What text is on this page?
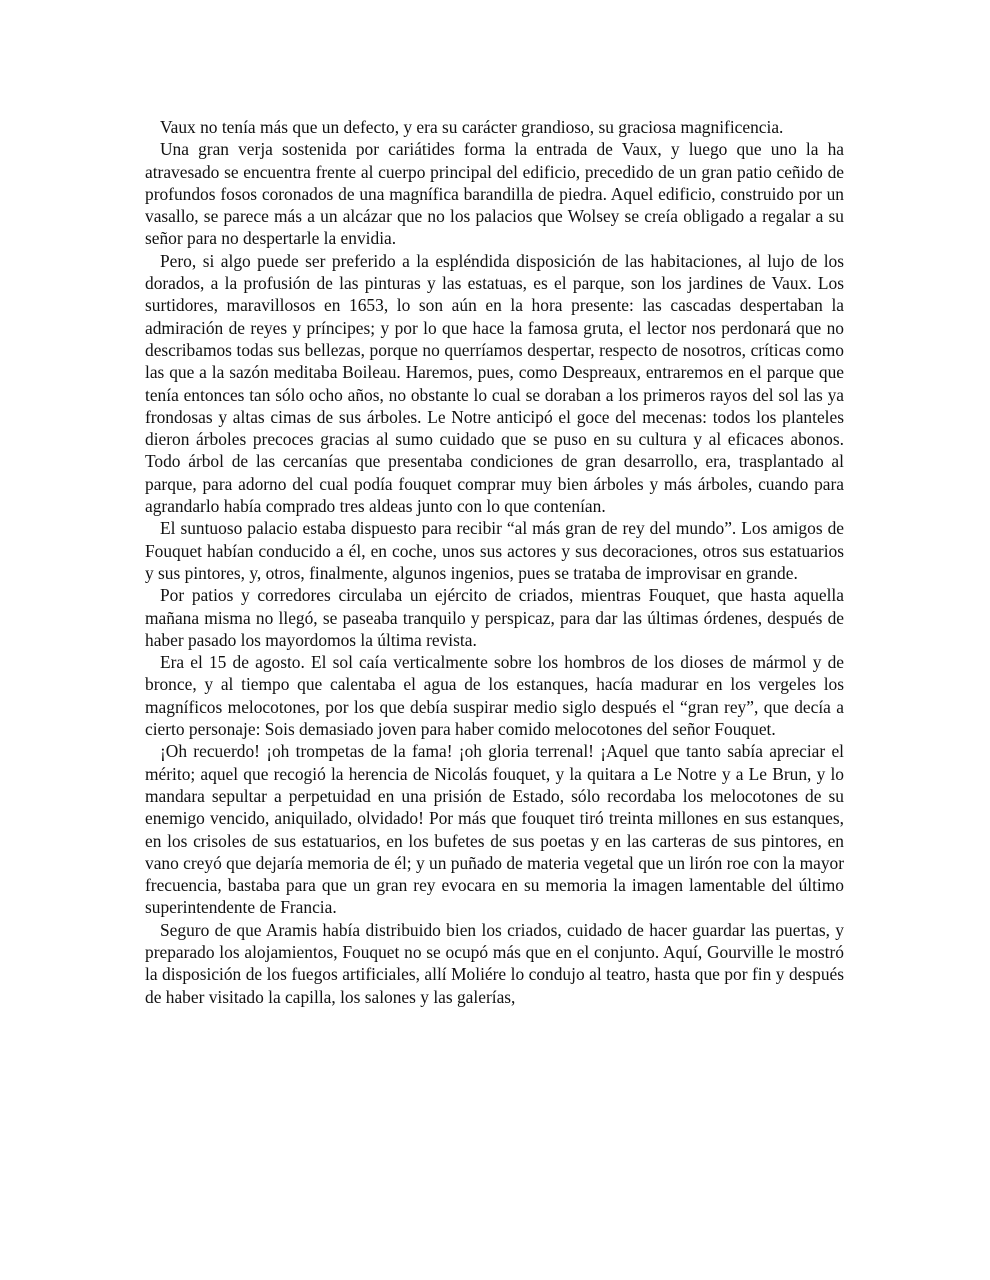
Vaux no tenía más que un defecto, y era su carácter grandioso, su graciosa magnificencia.

Una gran verja sostenida por cariátides forma la entrada de Vaux, y luego que uno la ha atravesado se encuentra frente al cuerpo principal del edificio, precedido de un gran patio ceñido de profundos fosos coronados de una magnífica barandilla de piedra. Aquel edificio, construido por un vasallo, se parece más a un alcázar que no los palacios que Wolsey se creía obligado a regalar a su señor para no despertarle la envidia.

Pero, si algo puede ser preferido a la espléndida disposición de las habitaciones, al lujo de los dorados, a la profusión de las pinturas y las estatuas, es el parque, son los jardines de Vaux. Los surtidores, maravillosos en 1653, lo son aún en la hora presente: las cascadas despertaban la admiración de reyes y príncipes; y por lo que hace la famosa gruta, el lector nos perdonará que no describamos todas sus bellezas, porque no querríamos despertar, respecto de nosotros, críticas como las que a la sazón meditaba Boileau. Haremos, pues, como Despreaux, entraremos en el parque que tenía entonces tan sólo ocho años, no obstante lo cual se doraban a los primeros rayos del sol las ya frondosas y altas cimas de sus árboles. Le Notre anticipó el goce del mecenas: todos los planteles dieron árboles precoces gracias al sumo cuidado que se puso en su cultura y al eficaces abonos. Todo árbol de las cercanías que presentaba condiciones de gran desarrollo, era, trasplantado al parque, para adorno del cual podía fouquet comprar muy bien árboles y más árboles, cuando para agrandarlo había comprado tres aldeas junto con lo que contenían.

El suntuoso palacio estaba dispuesto para recibir “al más gran de rey del mundo”. Los amigos de Fouquet habían conducido a él, en coche, unos sus actores y sus decoraciones, otros sus estatuarios y sus pintores, y, otros, finalmente, algunos ingenios, pues se trataba de improvisar en grande.

Por patios y corredores circulaba un ejército de criados, mientras Fouquet, que hasta aquella mañana misma no llegó, se paseaba tranquilo y perspicaz, para dar las últimas órdenes, después de haber pasado los mayordomos la última revista.

Era el 15 de agosto. El sol caía verticalmente sobre los hombros de los dioses de mármol y de bronce, y al tiempo que calentaba el agua de los estanques, hacía madurar en los vergeles los magníficos melocotones, por los que debía suspirar medio siglo después el “gran rey”, que decía a cierto personaje: Sois demasiado joven para haber comido melocotones del señor Fouquet.

¡Oh recuerdo! ¡oh trompetas de la fama! ¡oh gloria terrenal! ¡Aquel que tanto sabía apreciar el mérito; aquel que recogió la herencia de Nicolás fouquet, y la quitara a Le Notre y a Le Brun, y lo mandara sepultar a perpetuidad en una prisión de Estado, sólo recordaba los melocotones de su enemigo vencido, aniquilado, olvidado! Por más que fouquet tiró treinta millones en sus estanques, en los crisoles de sus estatuarios, en los bufetes de sus poetas y en las carteras de sus pintores, en vano creyó que dejaría memoria de él; y un puñado de materia vegetal que un lirón roe con la mayor frecuencia, bastaba para que un gran rey evocara en su memoria la imagen lamentable del último superintendente de Francia.

Seguro de que Aramis había distribuido bien los criados, cuidado de hacer guardar las puertas, y preparado los alojamientos, Fouquet no se ocupó más que en el conjunto. Aquí, Gourville le mostró la disposición de los fuegos artificiales, allí Moliére lo condujo al teatro, hasta que por fin y después de haber visitado la capilla, los salones y las galerías,
